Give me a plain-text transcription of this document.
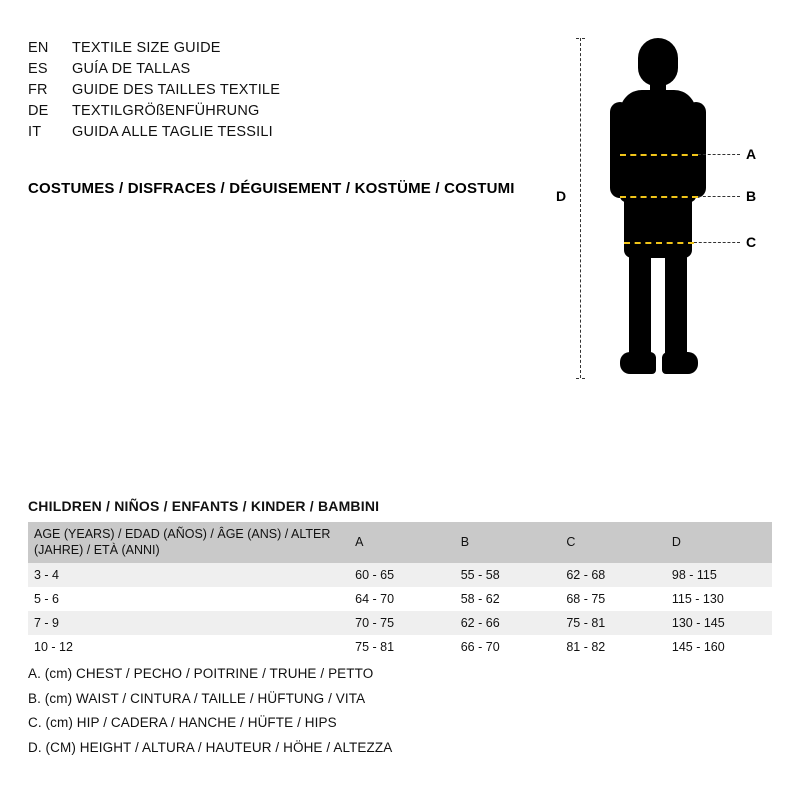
EN	TEXTILE SIZE GUIDE
ES	GUÍA DE TALLAS
FR	GUIDE DES TAILLES TEXTILE
DE	TEXTILGRÖßENFÜHRUNG
IT	GUIDA ALLE TAGLIE TESSILI
COSTUMES / DISFRACES / DÉGUISEMENT / KOSTÜME / COSTUMI
A
B
C
D
CHILDREN / NIÑOS / ENFANTS / KINDER / BAMBINI
AGE (YEARS) / EDAD (AÑOS) / ÂGE (ANS) / ALTER (JAHRE) / ETÀ (ANNI)	A	B	C	D
3 - 4	60 - 65	55 - 58	62 - 68	98 - 115
5 - 6	64 - 70	58 - 62	68 - 75	115 - 130
7 - 9	70 - 75	62 - 66	75 - 81	130 - 145
10 - 12	75 - 81	66 - 70	81 - 82	145 - 160
A. (cm) CHEST / PECHO / POITRINE / TRUHE / PETTO
B. (cm) WAIST / CINTURA / TAILLE / HÜFTUNG / VITA
C. (cm) HIP / CADERA / HANCHE / HÜFTE / HIPS
D. (CM) HEIGHT / ALTURA / HAUTEUR / HÖHE / ALTEZZA
